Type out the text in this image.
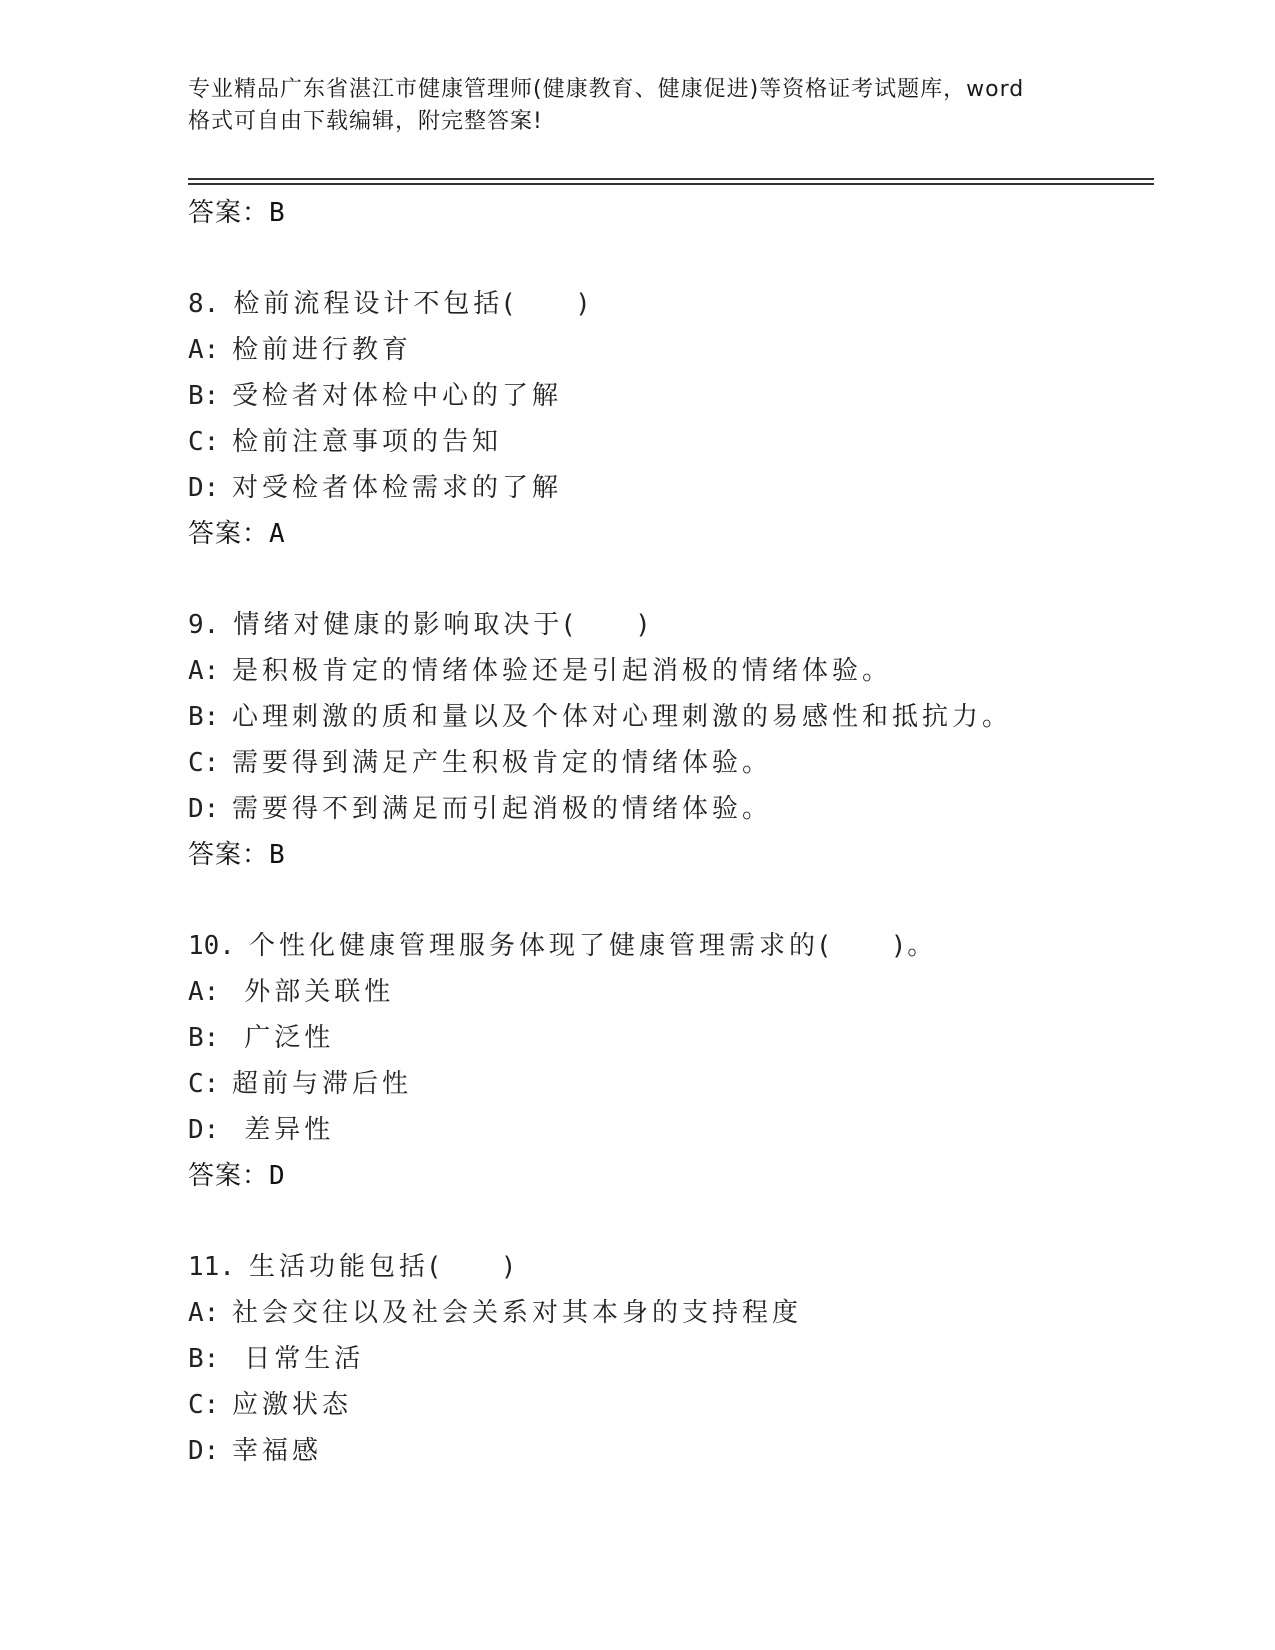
专业精品广东省湛江市健康管理师(健康教育、健康促进)等资格证考试题库，word
格式可自由下载编辑，附完整答案!
答案：B
8. 检前流程设计不包括(　　)
A: 检前进行教育
B: 受检者对体检中心的了解
C: 检前注意事项的告知
D: 对受检者体检需求的了解
答案：A
9. 情绪对健康的影响取决于(　　)
A: 是积极肯定的情绪体验还是引起消极的情绪体验。
B: 心理刺激的质和量以及个体对心理刺激的易感性和抵抗力。
C: 需要得到满足产生积极肯定的情绪体验。
D: 需要得不到满足而引起消极的情绪体验。
答案：B
10. 个性化健康管理服务体现了健康管理需求的(　　)。
A: 外部关联性
B: 广泛性
C: 超前与滞后性
D: 差异性
答案：D
11. 生活功能包括(　　)
A: 社会交往以及社会关系对其本身的支持程度
B: 日常生活
C: 应激状态
D: 幸福感
